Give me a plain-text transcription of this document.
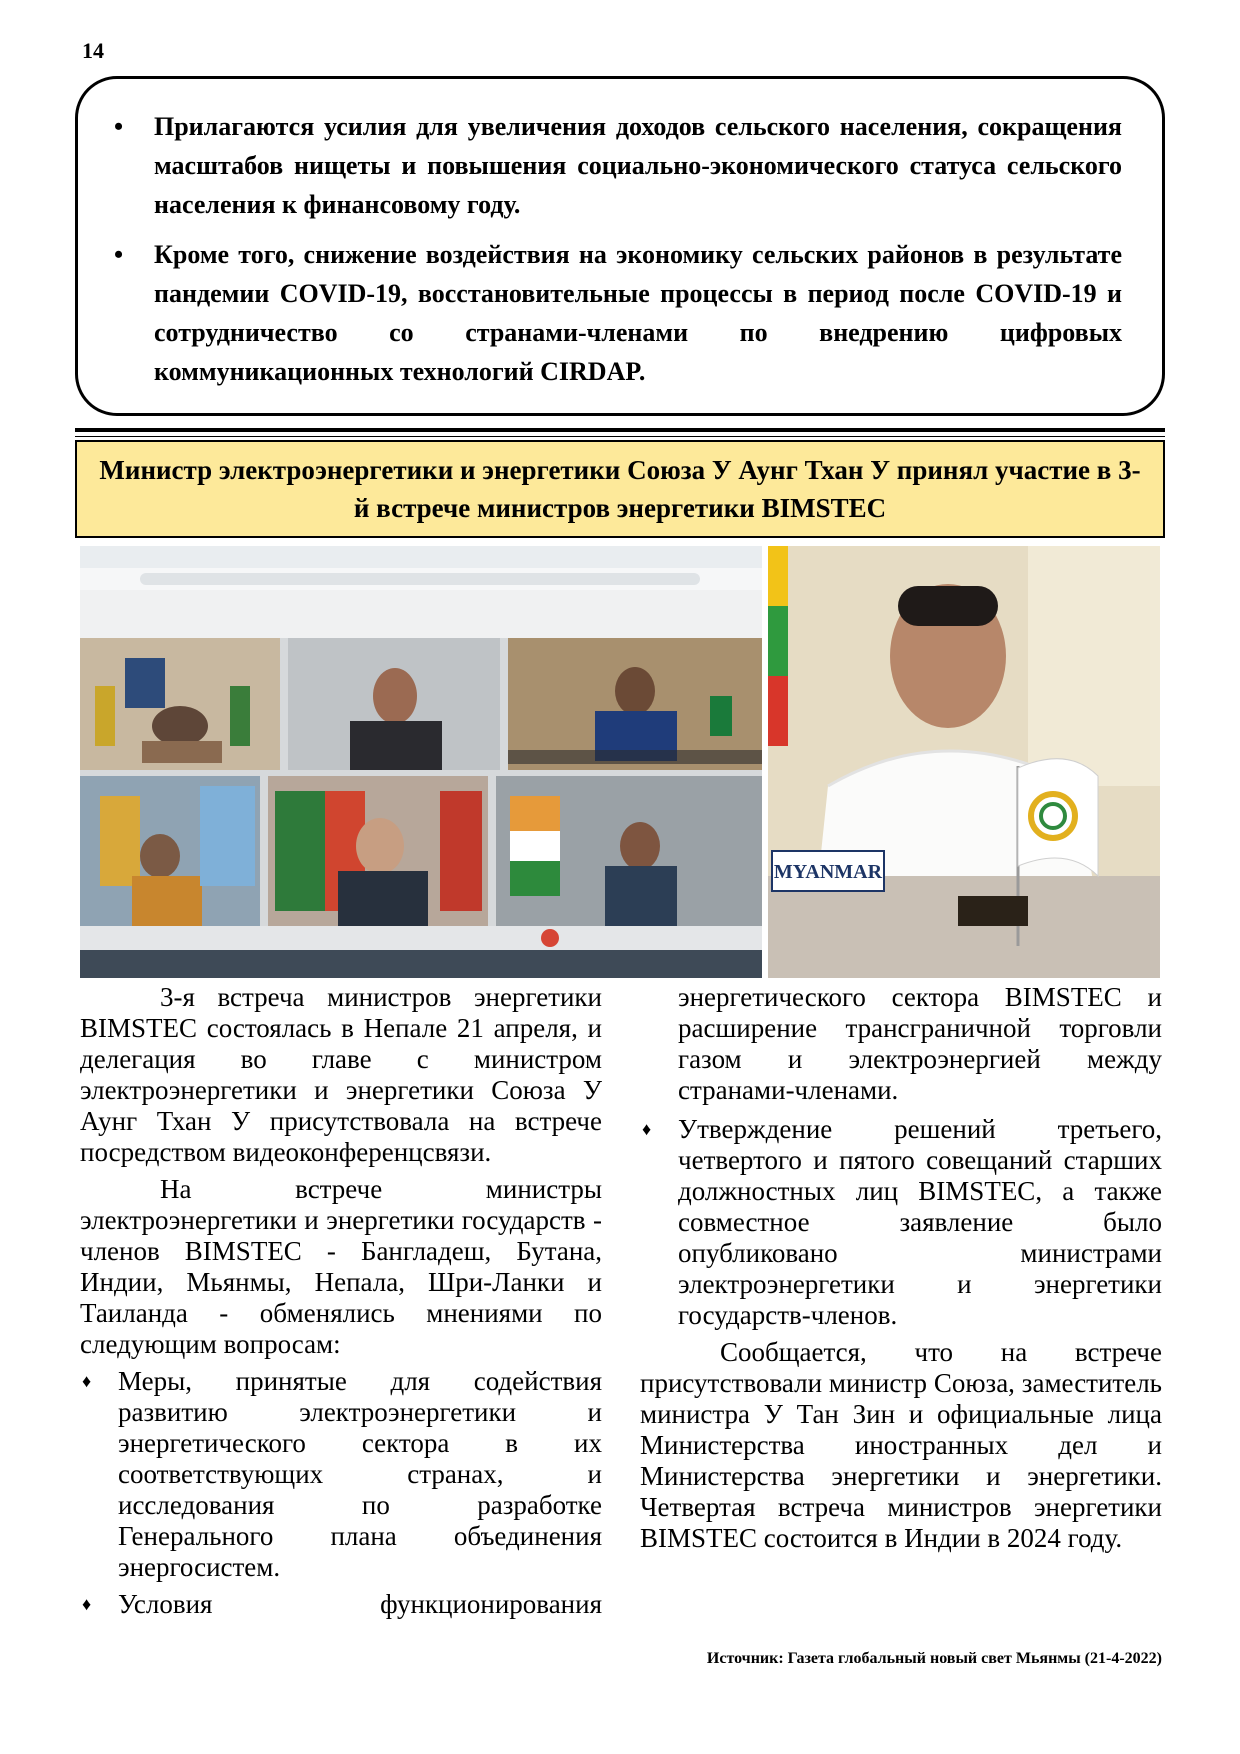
14
• Прилагаются усилия для увеличения доходов сельского населения, сокращения масштабов нищеты и повышения социально-экономического статуса сельского населения к финансовому году.
• Кроме того, снижение воздействия на экономику сельских районов в результате пандемии COVID-19, восстановительные процессы в период после COVID-19 и сотрудничество со странами-членами по внедрению цифровых коммуникационных технологий CIRDAP.
Министр электроэнергетики и энергетики Союза У Аунг Тхан У принял участие в 3-й встрече министров энергетики BIMSTEC
MYANMAR

3-я встреча министров энергетики BIMSTEC состоялась в Непале 21 апреля, и делегация во главе с министром электроэнергетики и энергетики Союза У Аунг Тхан У присутствовала на встрече посредством видеоконференцсвязи.

На встрече министры электроэнергетики и энергетики государств - членов BIMSTEC - Бангладеш, Бутана, Индии, Мьянмы, Непала, Шри-Ланки и Таиланда - обменялись мнениями по следующим вопросам:

♦ Меры, принятые для содействия развитию электроэнергетики и энергетического сектора в их соответствующих странах, и исследования по разработке Генерального плана объединения энергосистем.
♦ Условия функционирования

энергетического сектора BIMSTEC и расширение трансграничной торговли газом и электроэнергией между странами-членами.

♦ Утверждение решений третьего, четвертого и пятого совещаний старших должностных лиц BIMSTEC, а также совместное заявление было опубликовано министрами электроэнергетики и энергетики государств-членов.

Сообщается, что на встрече присутствовали министр Союза, заместитель министра У Тан Зин и официальные лица Министерства иностранных дел и Министерства энергетики и энергетики. Четвертая встреча министров энергетики BIMSTEC состоится в Индии в 2024 году.

Источник: Газета глобальный новый свет Мьянмы (21-4-2022)
